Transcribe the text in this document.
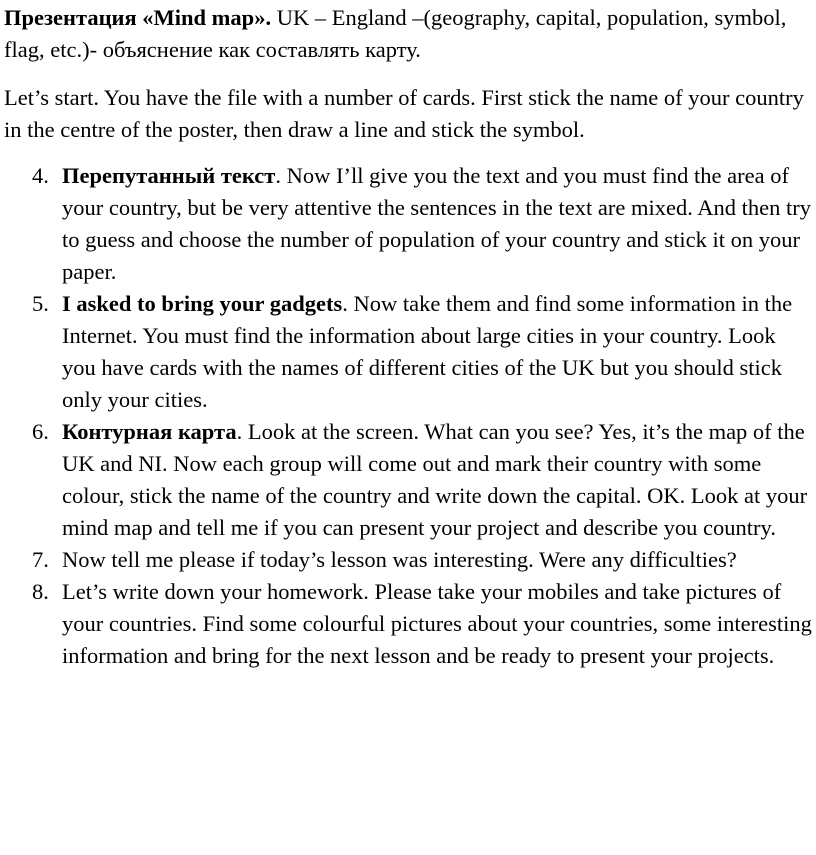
Презентация «Mind map». UK – England –(geography, capital, population, symbol, flag, etc.)- объяснение как составлять карту.

Let’s start. You have the file with a number of cards. First stick the name of your country in the centre of the poster, then draw a line and stick the symbol.

4. Перепутанный текст. Now I’ll give you the text and you must find the area of your country, but be very attentive the sentences in the text are mixed. And then try to guess and choose the number of population of your country and stick it on your paper.
5. I asked to bring your gadgets. Now take them and find some information in the Internet. You must find the information about large cities in your country. Look you have cards with the names of different cities of the UK but you should stick only your cities.
6. Контурная карта. Look at the screen. What can you see? Yes, it’s the map of the UK and NI. Now each group will come out and mark their country with some colour, stick the name of the country and write down the capital. OK. Look at your mind map and tell me if you can present your project and describe you country.
7. Now tell me please if today’s lesson was interesting. Were any difficulties?
8. Let’s write down your homework. Please take your mobiles and take pictures of your countries. Find some colourful pictures about your countries, some interesting information and bring for the next lesson and be ready to present your projects.
